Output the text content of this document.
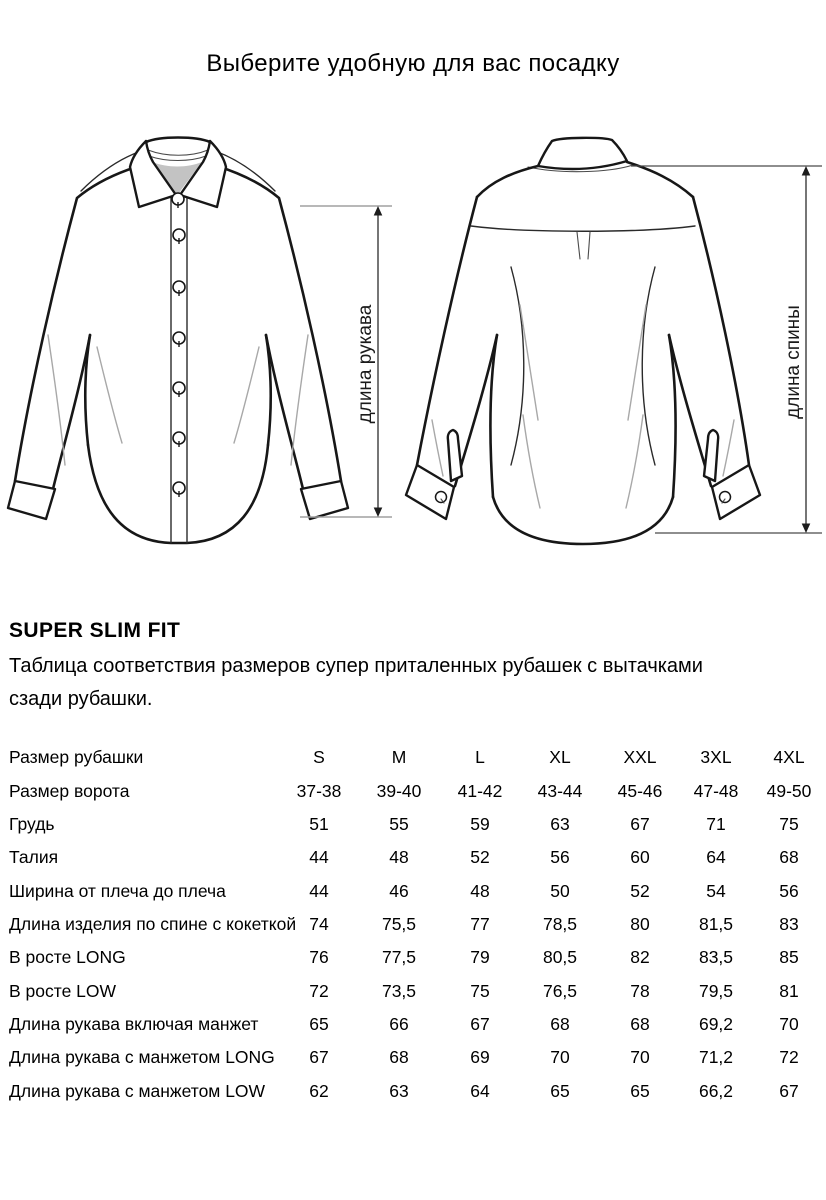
Выберите удобную для вас посадку
длина рукава	длина спины
SUPER SLIM FIT

Таблица соответствия размеров супер приталенных рубашек с вытачками
сзади рубашки.

Размер рубашки	S	M	L	XL	XXL	3XL	4XL
Размер ворота	37-38	39-40	41-42	43-44	45-46	47-48	49-50
Грудь	51	55	59	63	67	71	75
Талия	44	48	52	56	60	64	68
Ширина от плеча до плеча	44	46	48	50	52	54	56
Длина изделия по спине с кокеткой 74	75,5	77	78,5	80	81,5	83
В росте LONG	76	77,5	79	80,5	82	83,5	85
В росте LOW	72	73,5	75	76,5	78	79,5	81
Длина рукава включая манжет	65	66	67	68	68	69,2	70
Длина рукава с манжетом LONG	67	68	69	70	70	71,2	72
Длина рукава с манжетом LOW	62	63	64	65	65	66,2	67
